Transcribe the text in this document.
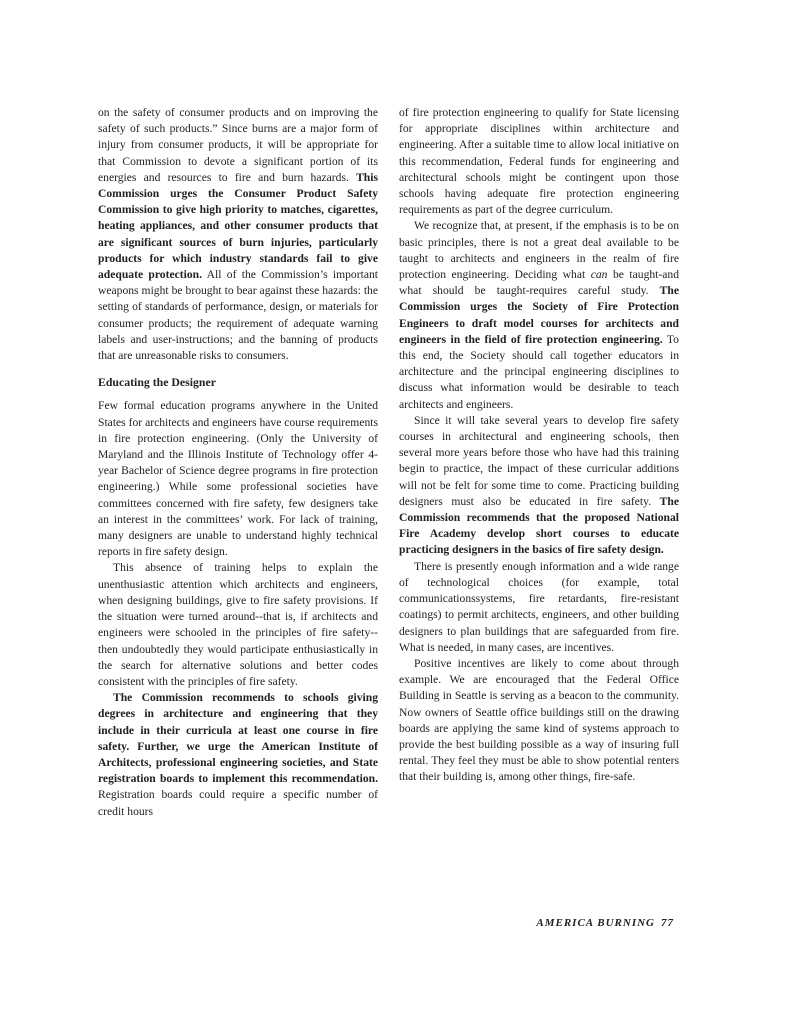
on the safety of consumer products and on improving the safety of such products.” Since burns are a major form of injury from consumer products, it will be appropriate for that Commission to devote a significant portion of its energies and resources to fire and burn hazards. This Commission urges the Consumer Product Safety Commission to give high priority to matches, cigarettes, heating appliances, and other consumer products that are significant sources of burn injuries, particularly products for which industry standards fail to give adequate protection. All of the Commission’s important weapons might be brought to bear against these hazards: the setting of standards of performance, design, or materials for consumer products; the requirement of adequate warning labels and user-instructions; and the banning of products that are unreasonable risks to consumers.

Educating the Designer

Few formal education programs anywhere in the United States for architects and engineers have course requirements in fire protection engineering. (Only the University of Maryland and the Illinois Institute of Technology offer 4-year Bachelor of Science degree programs in fire protection engineering.) While some professional societies have committees concerned with fire safety, few designers take an interest in the committees’ work. For lack of training, many designers are unable to understand highly technical reports in fire safety design.

This absence of training helps to explain the unenthusiastic attention which architects and engineers, when designing buildings, give to fire safety provisions. If the situation were turned around--that is, if architects and engineers were schooled in the principles of fire safety--then undoubtedly they would participate enthusiastically in the search for alternative solutions and better codes consistent with the principles of fire safety.

The Commission recommends to schools giving degrees in architecture and engineering that they include in their curricula at least one course in fire safety. Further, we urge the American Institute of Architects, professional engineering societies, and State registration boards to implement this recommendation. Registration boards could require a specific number of credit hours

of fire protection engineering to qualify for State licensing for appropriate disciplines within architecture and engineering. After a suitable time to allow local initiative on this recommendation, Federal funds for engineering and architectural schools might be contingent upon those schools having adequate fire protection engineering requirements as part of the degree curriculum.

We recognize that, at present, if the emphasis is to be on basic principles, there is not a great deal available to be taught to architects and engineers in the realm of fire protection engineering. Deciding what can be taught-and what should be taught-requires careful study. The Commission urges the Society of Fire Protection Engineers to draft model courses for architects and engineers in the field of fire protection engineering. To this end, the Society should call together educators in architecture and the principal engineering disciplines to discuss what information would be desirable to teach architects and engineers.

Since it will take several years to develop fire safety courses in architectural and engineering schools, then several more years before those who have had this training begin to practice, the impact of these curricular additions will not be felt for some time to come. Practicing building designers must also be educated in fire safety. The Commission recommends that the proposed National Fire Academy develop short courses to educate practicing designers in the basics of fire safety design.

There is presently enough information and a wide range of technological choices (for example, total communicationssystems, fire retardants, fire-resistant coatings) to permit architects, engineers, and other building designers to plan buildings that are safeguarded from fire. What is needed, in many cases, are incentives.

Positive incentives are likely to come about through example. We are encouraged that the Federal Office Building in Seattle is serving as a beacon to the community. Now owners of Seattle office buildings still on the drawing boards are applying the same kind of systems approach to provide the best building possible as a way of insuring full rental. They feel they must be able to show potential renters that their building is, among other things, fire-safe.

AMERICA BURNING 77
